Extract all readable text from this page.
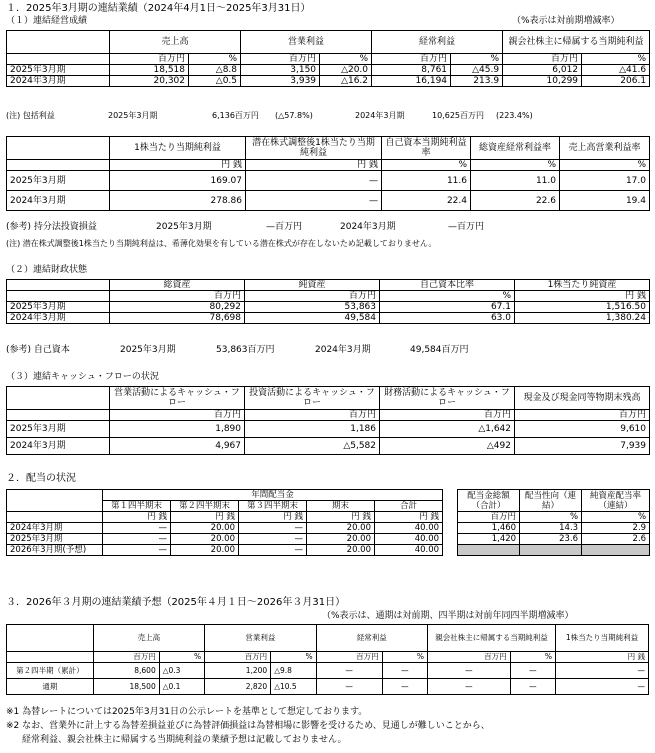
１．2025年3月期の連結業績（2024年4月1日～2025年3月31日）
（１）連結経営成績	（%表示は対前期増減率）
	売上高		営業利益		経常利益		親会社株主に帰属する当期純利益	
	百万円	%	百万円	%	百万円	%	百万円	%
2025年3月期	18,518	△8.8	3,150	△20.0	8,761	△45.9	6,012	△41.6
2024年3月期	20,302	△0.5	3,939	△16.2	16,194	213.9	10,299	206.1
(注) 包括利益	2025年3月期	6,136百万円 (△57.8%)	2024年3月期	10,625百万円 (223.4%)
	1株当たり当期純利益	潜在株式調整後1株当たり当期純利益	自己資本当期純利益率	総資産経常利益率	売上高営業利益率
	円 銭	円 銭	%	%	%
2025年3月期	169.07	—	11.6	11.0	17.0
2024年3月期	278.86	—	22.4	22.6	19.4
(参考) 持分法投資損益	2025年3月期	—百万円	2024年3月期	—百万円
(注) 潜在株式調整後1株当たり当期純利益は、希薄化効果を有している潜在株式が存在しないため記載しておりません。
（２）連結財政状態
	総資産	純資産	自己資本比率	1株当たり純資産
	百万円	百万円	%	円 銭
2025年3月期	80,292	53,863	67.1	1,516.50
2024年3月期	78,698	49,584	63.0	1,380.24
(参考) 自己資本	2025年3月期	53,863百万円	2024年3月期	49,584百万円
（３）連結キャッシュ・フローの状況
	営業活動によるキャッシュ・フロー	投資活動によるキャッシュ・フロー	財務活動によるキャッシュ・フロー	現金及び現金同等物期末残高
	百万円	百万円	百万円	百万円
2025年3月期	1,890	1,186	△1,642	9,610
2024年3月期	4,967	△5,582	△492	7,939
２．配当の状況
	年間配当金						配当金総額（合計）	配当性向（連結）	純資産配当率（連結）
	第１四半期末	第２四半期末	第３四半期末	期末	合計				
	円 銭	円 銭	円 銭	円 銭	円 銭		百万円	%	%
2024年3月期	—	20.00	—	20.00	40.00		1,460	14.3	2.9
2025年3月期	—	20.00	—	20.00	40.00		1,420	23.6	2.6
2026年3月期(予想)	—	20.00	—	20.00	40.00				
３．2026年３月期の連結業績予想（2025年４月１日～2026年３月31日）
（%表示は、通期は対前期、四半期は対前年同四半期増減率）
	売上高		営業利益		経常利益		親会社株主に帰属する当期純利益		1株当たり当期純利益
	百万円	%	百万円	%	百万円	%	百万円	%	円 銭
第２四半期（累計）	8,600	△0.3	1,200	△9.8	—	—	—	—	—
通期	18,500	△0.1	2,820	△10.5	—	—	—	—	—
※1 為替レートについては2025年3月31日の公示レートを基準として想定しております。
※2 なお、営業外に計上する為替差損益並びに為替評価損益は為替相場に影響を受けるため、見通しが難しいことから、
経常利益、親会社株主に帰属する当期純利益の業績予想は記載しておりません。
